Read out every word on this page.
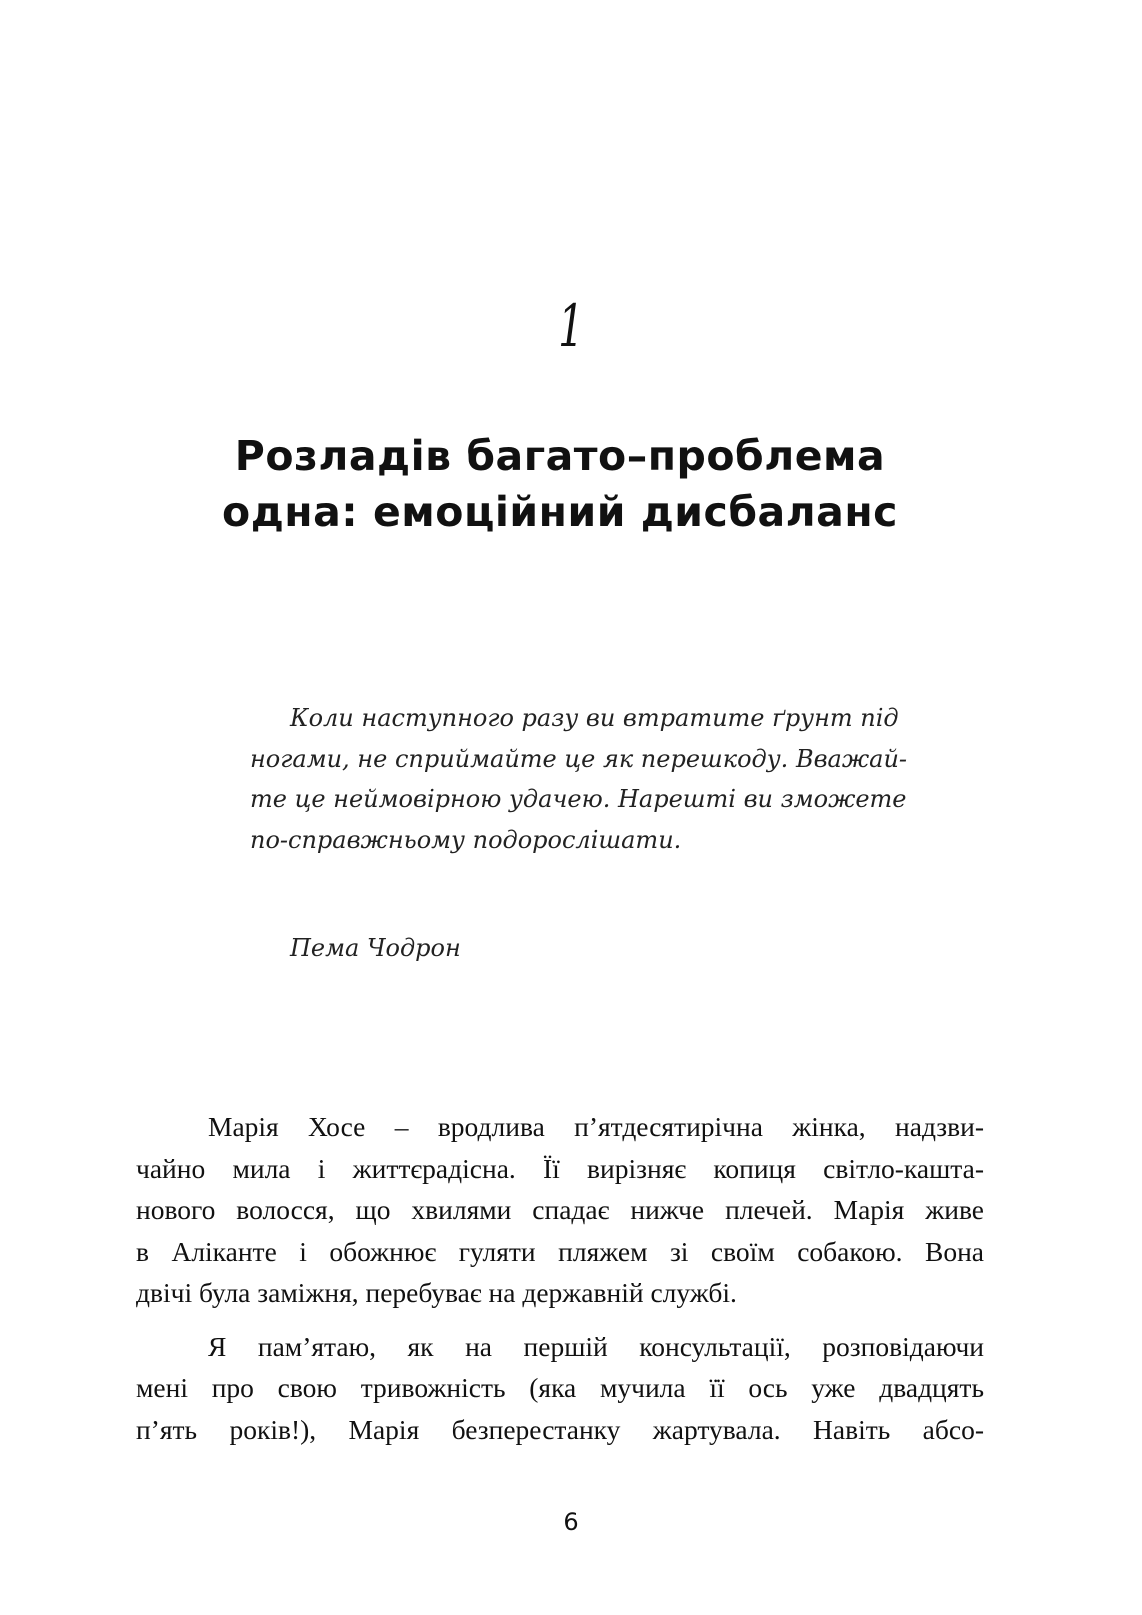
1
Розладів багато–проблема
одна: емоційний дисбаланс
Коли наступного разу ви втратите ґрунт під
ногами, не сприймайте це як перешкоду. Вважай-
те це неймовірною удачею. Нарешті ви зможете
по-справжньому подорослішати.
Пема Чодрон
Марія Хосе – вродлива п’ятдесятирічна жінка, надзви-
чайно мила і життєрадісна. Її вирізняє копиця світло-кашта-
нового волосся, що хвилями спадає нижче плечей. Марія живе
в Аліканте і обожнює гуляти пляжем зі своїм собакою. Вона
двічі була заміжня, перебуває на державній службі.
Я пам’ятаю, як на першій консультації, розповідаючи
мені про свою тривожність (яка мучила її ось уже двадцять
п’ять років!), Марія безперестанку жартувала. Навіть абсо-
6
